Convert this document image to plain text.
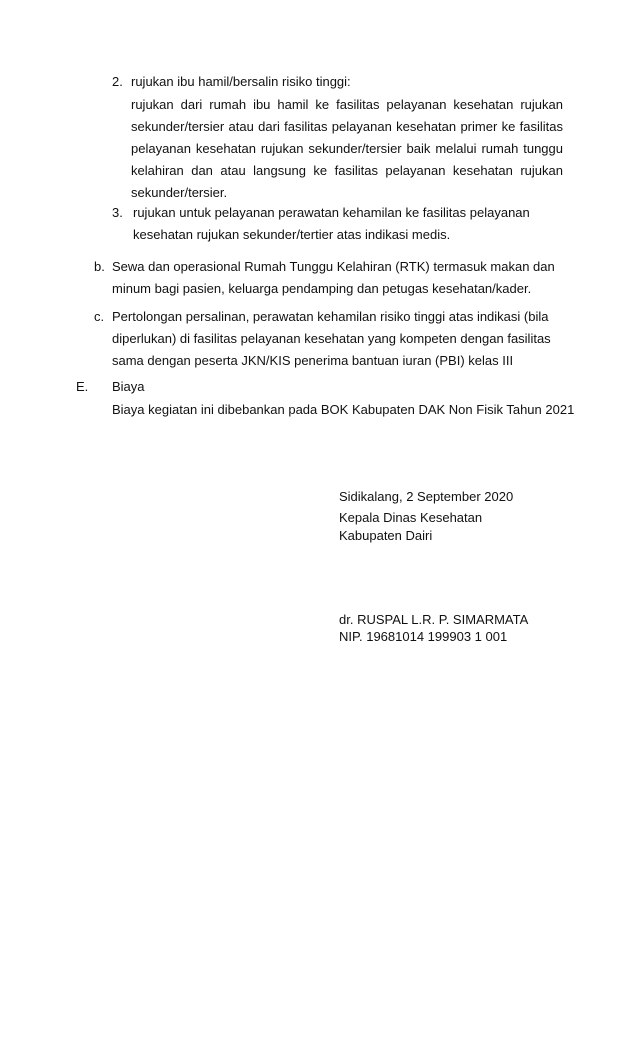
2. rujukan ibu hamil/bersalin risiko tinggi:
rujukan dari rumah ibu hamil ke fasilitas pelayanan kesehatan rujukan
sekunder/tersier atau dari fasilitas pelayanan kesehatan primer ke fasilitas
pelayanan kesehatan rujukan sekunder/tersier baik melalui rumah tunggu
kelahiran dan atau langsung ke fasilitas pelayanan kesehatan rujukan
sekunder/tersier.
3. rujukan untuk pelayanan perawatan kehamilan ke fasilitas pelayanan
kesehatan rujukan sekunder/tertier atas indikasi medis.
b. Sewa dan operasional Rumah Tunggu Kelahiran (RTK) termasuk makan dan
minum bagi pasien, keluarga pendamping dan petugas kesehatan/kader.
c. Pertolongan persalinan, perawatan kehamilan risiko tinggi atas indikasi (bila
diperlukan) di fasilitas pelayanan kesehatan yang kompeten dengan fasilitas
sama dengan peserta JKN/KIS penerima bantuan iuran (PBI) kelas III
E. Biaya
Biaya kegiatan ini dibebankan pada BOK Kabupaten DAK Non Fisik Tahun 2021
Sidikalang, 2 September 2020
Kepala Dinas Kesehatan
Kabupaten Dairi
dr. RUSPAL L.R. P. SIMARMATA
NIP. 19681014 199903 1 001
